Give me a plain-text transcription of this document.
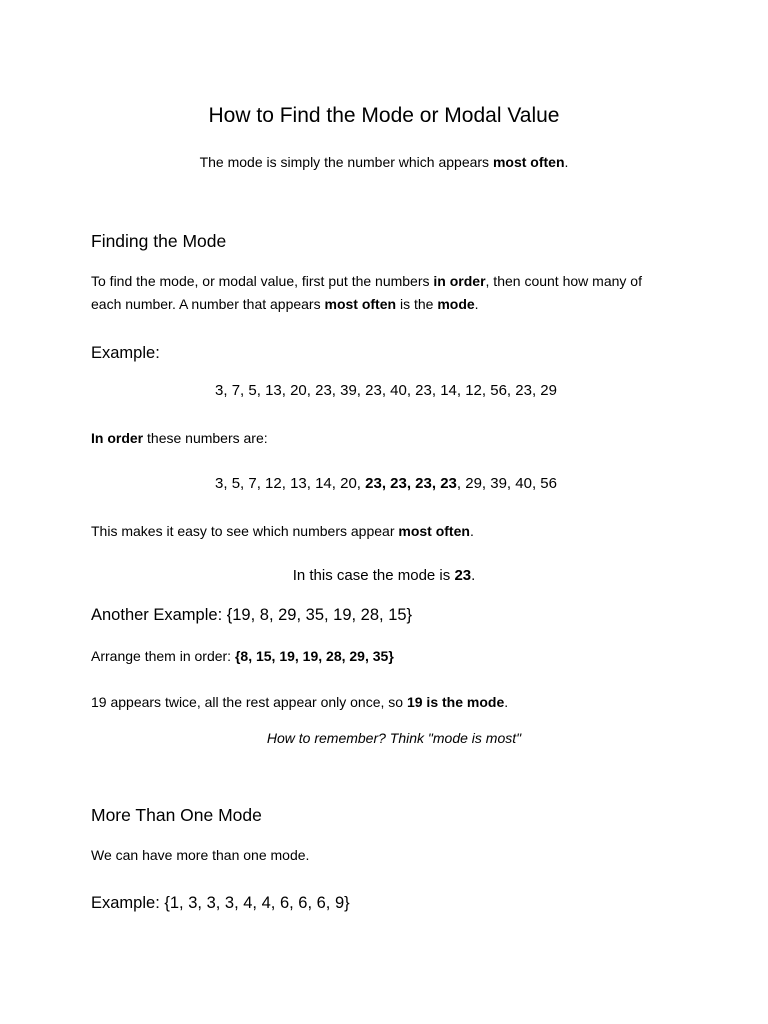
How to Find the Mode or Modal Value
The mode is simply the number which appears most often.
Finding the Mode
To find the mode, or modal value, first put the numbers in order, then count how many of
each number. A number that appears most often is the mode.
Example:
3, 7, 5, 13, 20, 23, 39, 23, 40, 23, 14, 12, 56, 23, 29
In order these numbers are:
3, 5, 7, 12, 13, 14, 20, 23, 23, 23, 23, 29, 39, 40, 56
This makes it easy to see which numbers appear most often.
In this case the mode is 23.
Another Example: {19, 8, 29, 35, 19, 28, 15}
Arrange them in order: {8, 15, 19, 19, 28, 29, 35}
19 appears twice, all the rest appear only once, so 19 is the mode.
How to remember? Think "mode is most"
More Than One Mode
We can have more than one mode.
Example: {1, 3, 3, 3, 4, 4, 6, 6, 6, 9}
